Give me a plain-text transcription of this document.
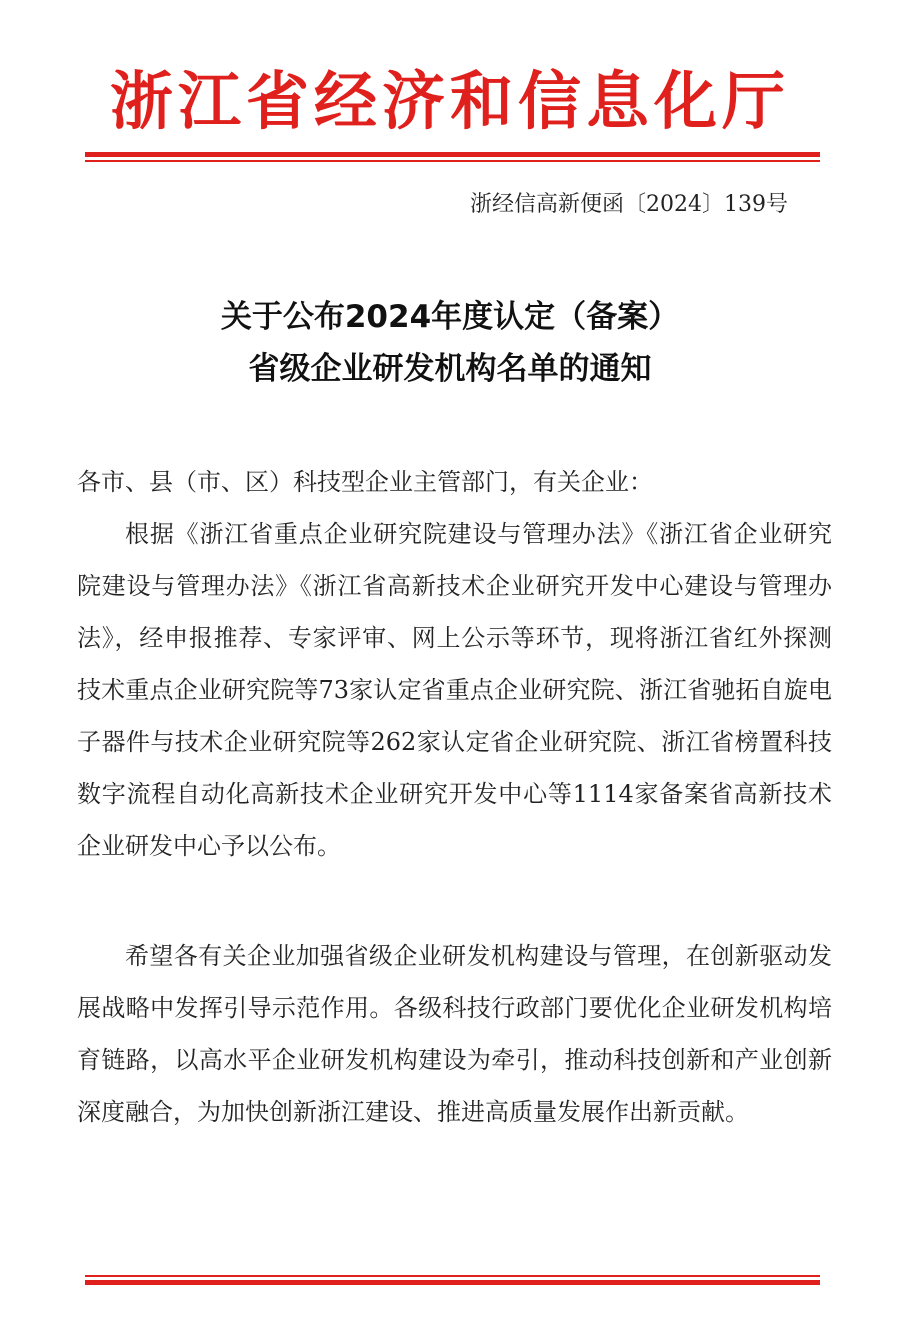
浙江省经济和信息化厅
浙经信高新便函〔2024〕139号
关于公布2024年度认定（备案）
省级企业研发机构名单的通知
各市、县（市、区）科技型企业主管部门，有关企业：
根据《浙江省重点企业研究院建设与管理办法》《浙江省企业研究院建设与管理办法》《浙江省高新技术企业研究开发中心建设与管理办法》，经申报推荐、专家评审、网上公示等环节，现将浙江省红外探测技术重点企业研究院等73家认定省重点企业研究院、浙江省驰拓自旋电子器件与技术企业研究院等262家认定省企业研究院、浙江省榜置科技数字流程自动化高新技术企业研究开发中心等1114家备案省高新技术企业研发中心予以公布。
希望各有关企业加强省级企业研发机构建设与管理，在创新驱动发展战略中发挥引导示范作用。各级科技行政部门要优化企业研发机构培育链路，以高水平企业研发机构建设为牵引，推动科技创新和产业创新深度融合，为加快创新浙江建设、推进高质量发展作出新贡献。
